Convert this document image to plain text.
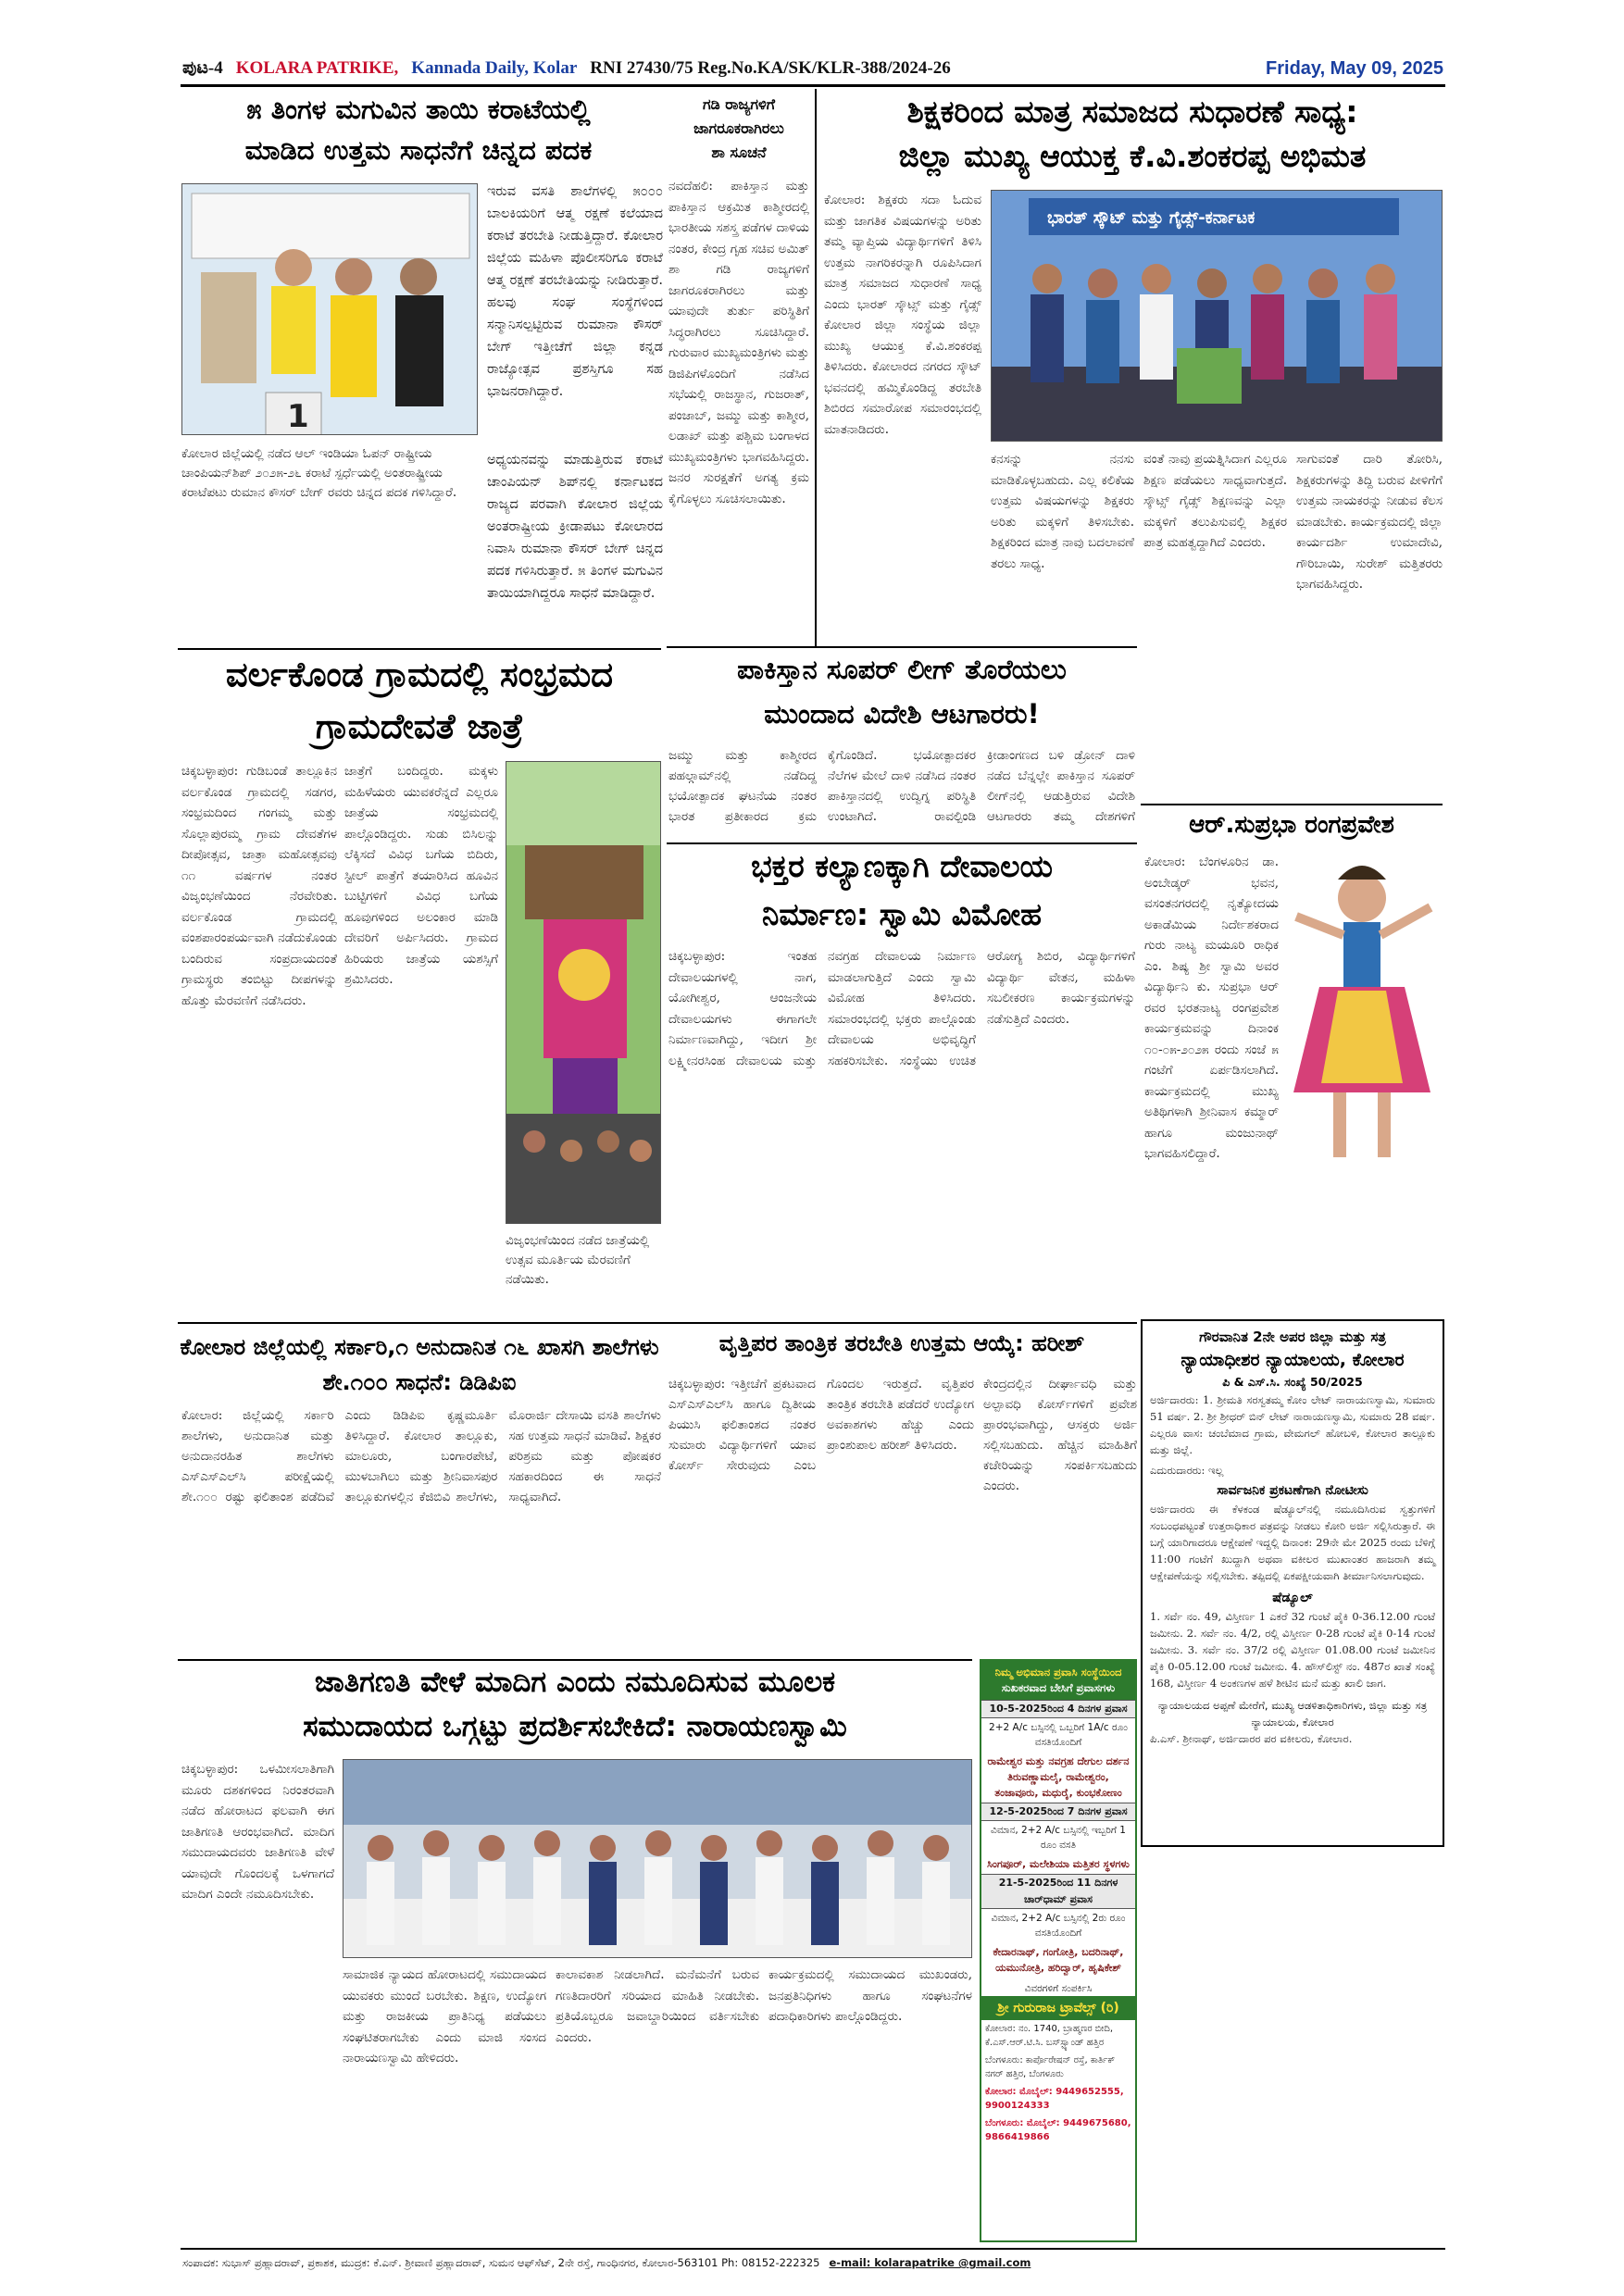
ಪುಟ-4 KOLARA PATRIKE, Kannada Daily, Kolar RNI 27430/75 Reg.No.KA/SK/KLR-388/2024-26	Friday, May 09, 2025
೫ ತಿಂಗಳ ಮಗುವಿನ ತಾಯಿ ಕರಾಟೆಯಲ್ಲಿ
ಮಾಡಿದ ಉತ್ತಮ ಸಾಧನೆಗೆ ಚಿನ್ನದ ಪದಕ
1
ಕೋಲಾರ ಜಿಲ್ಲೆಯಲ್ಲಿ ನಡೆದ ಆಲ್ ಇಂಡಿಯಾ ಓಪನ್ ರಾಷ್ಟ್ರೀಯ ಚಾಂಪಿಯನ್‌ಶಿಪ್ ೨೦೨೫-೨೬ ಕರಾಟೆ ಸ್ಪರ್ಧೆಯಲ್ಲಿ ಅಂತರಾಷ್ಟ್ರೀಯ ಕರಾಟೆಪಟು ರುಮಾನ ಕೌಸರ್ ಬೇಗ್ ರವರು ಚಿನ್ನದ ಪದಕ ಗಳಿಸಿದ್ದಾರೆ.
ಇರುವ ವಸತಿ ಶಾಲೆಗಳಲ್ಲಿ ೫೦೦೦ ಬಾಲಕಿಯರಿಗೆ ಆತ್ಮ ರಕ್ಷಣೆ ಕಲೆಯಾದ ಕರಾಟೆ ತರಬೇತಿ ನೀಡುತ್ತಿದ್ದಾರೆ. ಕೋಲಾರ ಜಿಲ್ಲೆಯ ಮಹಿಳಾ ಪೊಲೀಸರಿಗೂ ಕರಾಟೆ ಆತ್ಮ ರಕ್ಷಣೆ ತರಬೇತಿಯನ್ನು ನೀಡಿರುತ್ತಾರೆ. ಹಲವು ಸಂಘ ಸಂಸ್ಥೆಗಳಿಂದ ಸನ್ಮಾನಿಸಲ್ಪಟ್ಟಿರುವ ರುಮಾನಾ ಕೌಸರ್ ಬೇಗ್ ಇತ್ತೀಚೆಗೆ ಜಿಲ್ಲಾ ಕನ್ನಡ ರಾಜ್ಯೋತ್ಸವ ಪ್ರಶಸ್ತಿಗೂ ಸಹ ಭಾಜನರಾಗಿದ್ದಾರೆ.
ಅಧ್ಯಯನವನ್ನು ಮಾಡುತ್ತಿರುವ ಕರಾಟೆ ಚಾಂಪಿಯನ್ ಶಿಪ್‌ನಲ್ಲಿ ಕರ್ನಾಟಕದ ರಾಜ್ಯದ ಪರವಾಗಿ ಕೋಲಾರ ಜಿಲ್ಲೆಯ ಅಂತರಾಷ್ಟ್ರೀಯ ಕ್ರೀಡಾಪಟು ಕೋಲಾರದ ನಿವಾಸಿ ರುಮಾನಾ ಕೌಸರ್ ಬೇಗ್ ಚಿನ್ನದ ಪದಕ ಗಳಿಸಿರುತ್ತಾರೆ. ೫ ತಿಂಗಳ ಮಗುವಿನ ತಾಯಿಯಾಗಿದ್ದರೂ ಸಾಧನೆ ಮಾಡಿದ್ದಾರೆ.
ಗಡಿ ರಾಜ್ಯಗಳಿಗೆ
ಜಾಗರೂಕರಾಗಿರಲು
ಶಾ ಸೂಚನೆ
ನವದೆಹಲಿ: ಪಾಕಿಸ್ತಾನ ಮತ್ತು ಪಾಕಿಸ್ತಾನ ಆಕ್ರಮಿತ ಕಾಶ್ಮೀರದಲ್ಲಿ ಭಾರತೀಯ ಸಶಸ್ತ್ರ ಪಡೆಗಳ ದಾಳಿಯ ನಂತರ, ಕೇಂದ್ರ ಗೃಹ ಸಚಿವ ಅಮಿತ್ ಶಾ ಗಡಿ ರಾಜ್ಯಗಳಿಗೆ ಜಾಗರೂಕರಾಗಿರಲು ಮತ್ತು ಯಾವುದೇ ತುರ್ತು ಪರಿಸ್ಥಿತಿಗೆ ಸಿದ್ಧರಾಗಿರಲು ಸೂಚಿಸಿದ್ದಾರೆ. ಗುರುವಾರ ಮುಖ್ಯಮಂತ್ರಿಗಳು ಮತ್ತು ಡಿಜಿಪಿಗಳೊಂದಿಗೆ ನಡೆಸಿದ ಸಭೆಯಲ್ಲಿ ರಾಜಸ್ಥಾನ, ಗುಜರಾತ್, ಪಂಜಾಬ್, ಜಮ್ಮು ಮತ್ತು ಕಾಶ್ಮೀರ, ಲಡಾಖ್ ಮತ್ತು ಪಶ್ಚಿಮ ಬಂಗಾಳದ ಮುಖ್ಯಮಂತ್ರಿಗಳು ಭಾಗವಹಿಸಿದ್ದರು. ಜನರ ಸುರಕ್ಷತೆಗೆ ಅಗತ್ಯ ಕ್ರಮ ಕೈಗೊಳ್ಳಲು ಸೂಚಿಸಲಾಯಿತು.
ಶಿಕ್ಷಕರಿಂದ ಮಾತ್ರ ಸಮಾಜದ ಸುಧಾರಣೆ ಸಾಧ್ಯ:
ಜಿಲ್ಲಾ ಮುಖ್ಯ ಆಯುಕ್ತ ಕೆ.ವಿ.ಶಂಕರಪ್ಪ ಅಭಿಮತ
ಕೋಲಾರ: ಶಿಕ್ಷಕರು ಸದಾ ಓದುವ ಮತ್ತು ಜಾಗತಿಕ ವಿಷಯಗಳನ್ನು ಅರಿತು ತಮ್ಮ ವ್ಯಾಪ್ತಿಯ ವಿದ್ಯಾರ್ಥಿಗಳಿಗೆ ತಿಳಿಸಿ ಉತ್ತಮ ನಾಗರಿಕರನ್ನಾಗಿ ರೂಪಿಸಿದಾಗ ಮಾತ್ರ ಸಮಾಜದ ಸುಧಾರಣೆ ಸಾಧ್ಯ ಎಂದು ಭಾರತ್ ಸ್ಕೌಟ್ಸ್ ಮತ್ತು ಗೈಡ್ಸ್ ಕೋಲಾರ ಜಿಲ್ಲಾ ಸಂಸ್ಥೆಯ ಜಿಲ್ಲಾ ಮುಖ್ಯ ಆಯುಕ್ತ ಕೆ.ವಿ.ಶಂಕರಪ್ಪ ತಿಳಿಸಿದರು. ಕೋಲಾರದ ನಗರದ ಸ್ಕೌಟ್ ಭವನದಲ್ಲಿ ಹಮ್ಮಿಕೊಂಡಿದ್ದ ತರಬೇತಿ ಶಿಬಿರದ ಸಮಾರೋಪ ಸಮಾರಂಭದಲ್ಲಿ ಮಾತನಾಡಿದರು.
ಭಾರತ್ ಸ್ಕೌಟ್ ಮತ್ತು ಗೈಡ್ಸ್-ಕರ್ನಾಟಕ
ಕನಸನ್ನು ನನಸು ಮಾಡಿಕೊಳ್ಳಬಹುದು. ಎಲ್ಲ ಕಲಿಕೆಯ ಉತ್ತಮ ವಿಷಯಗಳನ್ನು ಶಿಕ್ಷಕರು ಅರಿತು ಮಕ್ಕಳಿಗೆ ತಿಳಿಸಬೇಕು. ಶಿಕ್ಷಕರಿಂದ ಮಾತ್ರ ನಾವು ಬದಲಾವಣೆ ತರಲು ಸಾಧ್ಯ.
ವಂತೆ ನಾವು ಪ್ರಯತ್ನಿಸಿದಾಗ ಎಲ್ಲರೂ ಶಿಕ್ಷಣ ಪಡೆಯಲು ಸಾಧ್ಯವಾಗುತ್ತದೆ. ಸ್ಕೌಟ್ಸ್ ಗೈಡ್ಸ್ ಶಿಕ್ಷಣವನ್ನು ಎಲ್ಲಾ ಮಕ್ಕಳಿಗೆ ತಲುಪಿಸುವಲ್ಲಿ ಶಿಕ್ಷಕರ ಪಾತ್ರ ಮಹತ್ವದ್ದಾಗಿದೆ ಎಂದರು.
ಸಾಗುವಂತೆ ದಾರಿ ತೋರಿಸಿ, ಶಿಕ್ಷಕರುಗಳನ್ನು ತಿದ್ದಿ ಬರುವ ಪೀಳಿಗೆಗೆ ಉತ್ತಮ ನಾಯಕರನ್ನು ನೀಡುವ ಕೆಲಸ ಮಾಡಬೇಕು. ಕಾರ್ಯಕ್ರಮದಲ್ಲಿ ಜಿಲ್ಲಾ ಕಾರ್ಯದರ್ಶಿ ಉಮಾದೇವಿ, ಗೌರಿಬಾಯಿ, ಸುರೇಶ್ ಮತ್ತಿತರರು ಭಾಗವಹಿಸಿದ್ದರು.
ಪಾಕಿಸ್ತಾನ ಸೂಪರ್ ಲೀಗ್ ತೊರೆಯಲು
ಮುಂದಾದ ವಿದೇಶಿ ಆಟಗಾರರು!
ಜಮ್ಮು ಮತ್ತು ಕಾಶ್ಮೀರದ ಪಹಲ್ಗಾಮ್‌ನಲ್ಲಿ ನಡೆದಿದ್ದ ಭಯೋತ್ಪಾದಕ ಘಟನೆಯ ನಂತರ ಭಾರತ ಪ್ರತೀಕಾರದ ಕ್ರಮ ಕೈಗೊಂಡಿದೆ. ಭಯೋತ್ಪಾದಕರ ನೆಲೆಗಳ ಮೇಲೆ ದಾಳಿ ನಡೆಸಿದ ನಂತರ ಪಾಕಿಸ್ತಾನದಲ್ಲಿ ಉದ್ವಿಗ್ನ ಪರಿಸ್ಥಿತಿ ಉಂಟಾಗಿದೆ. ರಾವಲ್ಪಿಂಡಿ ಕ್ರೀಡಾಂಗಣದ ಬಳಿ ಡ್ರೋನ್ ದಾಳಿ ನಡೆದ ಬೆನ್ನಲ್ಲೇ ಪಾಕಿಸ್ತಾನ ಸೂಪರ್ ಲೀಗ್‌ನಲ್ಲಿ ಆಡುತ್ತಿರುವ ವಿದೇಶಿ ಆಟಗಾರರು ತಮ್ಮ ದೇಶಗಳಿಗೆ
ವರ್ಲಕೊಂಡ ಗ್ರಾಮದಲ್ಲಿ ಸಂಭ್ರಮದ
ಗ್ರಾಮದೇವತೆ ಜಾತ್ರೆ
ಚಿಕ್ಕಬಳ್ಳಾಪುರ: ಗುಡಿಬಂಡೆ ತಾಲ್ಲೂಕಿನ ವರ್ಲಕೊಂಡ ಗ್ರಾಮದಲ್ಲಿ ಸಡಗರ, ಸಂಭ್ರಮದಿಂದ ಗಂಗಮ್ಮ ಮತ್ತು ಸೊಲ್ಲಾಪುರಮ್ಮ ಗ್ರಾಮ ದೇವತೆಗಳ ದೀಪೋತ್ಸವ, ಜಾತ್ರಾ ಮಹೋತ್ಸವವು ೧೧ ವರ್ಷಗಳ ನಂತರ ವಿಜೃಂಭಣೆಯಿಂದ ನೆರವೇರಿತು. ವರ್ಲಕೊಂಡ ಗ್ರಾಮದಲ್ಲಿ ವಂಶಪಾರಂಪರ್ಯವಾಗಿ ನಡೆದುಕೊಂಡು ಬಂದಿರುವ ಸಂಪ್ರದಾಯದಂತೆ ಗ್ರಾಮಸ್ಥರು ತಂಬಿಟ್ಟು ದೀಪಗಳನ್ನು ಹೊತ್ತು ಮೆರವಣಿಗೆ ನಡೆಸಿದರು.
ಜಾತ್ರೆಗೆ ಬಂದಿದ್ದರು. ಮಕ್ಕಳು ಮಹಿಳೆಯರು ಯುವಕರೆನ್ನದೆ ಎಲ್ಲರೂ ಜಾತ್ರೆಯ ಸಂಭ್ರಮದಲ್ಲಿ ಪಾಲ್ಗೊಂಡಿದ್ದರು. ಸುಡು ಬಿಸಿಲನ್ನು ಲೆಕ್ಕಿಸದೆ ವಿವಿಧ ಬಗೆಯ ಬಿದಿರು, ಸ್ಟೀಲ್ ಪಾತ್ರೆಗೆ ತಯಾರಿಸಿದ ಹೂವಿನ ಬುಟ್ಟಿಗಳಿಗೆ ವಿವಿಧ ಬಗೆಯ ಹೂವುಗಳಿಂದ ಅಲಂಕಾರ ಮಾಡಿ ದೇವರಿಗೆ ಅರ್ಪಿಸಿದರು. ಗ್ರಾಮದ ಹಿರಿಯರು ಜಾತ್ರೆಯ ಯಶಸ್ಸಿಗೆ ಶ್ರಮಿಸಿದರು.
ವಿಜೃಂಭಣೆಯಿಂದ ನಡೆದ ಜಾತ್ರೆಯಲ್ಲಿ ಉತ್ಸವ ಮೂರ್ತಿಯ ಮೆರವಣಿಗೆ ನಡೆಯಿತು.
ಭಕ್ತರ ಕಲ್ಯಾಣಕ್ಕಾಗಿ ದೇವಾಲಯ
ನಿರ್ಮಾಣ: ಸ್ವಾಮಿ ವಿಮೋಹ
ಚಿಕ್ಕಬಳ್ಳಾಪುರ: ಇಂತಹ ದೇವಾಲಯಗಳಲ್ಲಿ ನಾಗ, ಯೋಗೀಶ್ವರ, ಆಂಜನೇಯ ದೇವಾಲಯಗಳು ಈಗಾಗಲೇ ನಿರ್ಮಾಣವಾಗಿದ್ದು, ಇದೀಗ ಶ್ರೀ ಲಕ್ಷ್ಮೀನರಸಿಂಹ ದೇವಾಲಯ ಮತ್ತು ನವಗ್ರಹ ದೇವಾಲಯ ನಿರ್ಮಾಣ ಮಾಡಲಾಗುತ್ತಿದೆ ಎಂದು ಸ್ವಾಮಿ ವಿಮೋಹ ತಿಳಿಸಿದರು. ಸಮಾರಂಭದಲ್ಲಿ ಭಕ್ತರು ಪಾಲ್ಗೊಂಡು ದೇವಾಲಯ ಅಭಿವೃದ್ಧಿಗೆ ಸಹಕರಿಸಬೇಕು. ಸಂಸ್ಥೆಯು ಉಚಿತ ಆರೋಗ್ಯ ಶಿಬಿರ, ವಿದ್ಯಾರ್ಥಿಗಳಿಗೆ ವಿದ್ಯಾರ್ಥಿ ವೇತನ, ಮಹಿಳಾ ಸಬಲೀಕರಣ ಕಾರ್ಯಕ್ರಮಗಳನ್ನು ನಡೆಸುತ್ತಿದೆ ಎಂದರು.
ಆರ್.ಸುಪ್ರಭಾ ರಂಗಪ್ರವೇಶ
ಕೋಲಾರ: ಬೆಂಗಳೂರಿನ ಡಾ. ಅಂಬೇಡ್ಕರ್ ಭವನ, ವಸಂತನಗರದಲ್ಲಿ ನೃತ್ಯೋದಯ ಅಕಾಡೆಮಿಯ ನಿರ್ದೇಶಕರಾದ ಗುರು ನಾಟ್ಯ ಮಯೂರಿ ರಾಧಿಕ ಎಂ. ಶಿಷ್ಯ ಶ್ರೀ ಸ್ವಾಮಿ ಅವರ ವಿದ್ಯಾರ್ಥಿನಿ ಕು. ಸುಪ್ರಭಾ ಆರ್ ರವರ ಭರತನಾಟ್ಯ ರಂಗಪ್ರವೇಶ ಕಾರ್ಯಕ್ರಮವನ್ನು ದಿನಾಂಕ ೧೦-೦೫-೨೦೨೫ ರಂದು ಸಂಜೆ ೫ ಗಂಟೆಗೆ ಏರ್ಪಡಿಸಲಾಗಿದೆ. ಕಾರ್ಯಕ್ರಮದಲ್ಲಿ ಮುಖ್ಯ ಅತಿಥಿಗಳಾಗಿ ಶ್ರೀನಿವಾಸ ಕಮ್ಮಾರ್ ಹಾಗೂ ಮಂಜುನಾಥ್ ಭಾಗವಹಿಸಲಿದ್ದಾರೆ.
ಕೋಲಾರ ಜಿಲ್ಲೆಯಲ್ಲಿ ಸರ್ಕಾರಿ,೧ ಅನುದಾನಿತ ೧೬ ಖಾಸಗಿ ಶಾಲೆಗಳು ಶೇ.೧೦೦ ಸಾಧನೆ: ಡಿಡಿಪಿಐ
ಕೋಲಾರ: ಜಿಲ್ಲೆಯಲ್ಲಿ ಸರ್ಕಾರಿ ಶಾಲೆಗಳು, ಅನುದಾನಿತ ಮತ್ತು ಅನುದಾನರಹಿತ ಶಾಲೆಗಳು ಎಸ್‌ಎಸ್‌ಎಲ್‌ಸಿ ಪರೀಕ್ಷೆಯಲ್ಲಿ ಶೇ.೧೦೦ ರಷ್ಟು ಫಲಿತಾಂಶ ಪಡೆದಿವೆ ಎಂದು ಡಿಡಿಪಿಐ ಕೃಷ್ಣಮೂರ್ತಿ ತಿಳಿಸಿದ್ದಾರೆ. ಕೋಲಾರ ತಾಲ್ಲೂಕು, ಮಾಲೂರು, ಬಂಗಾರಪೇಟೆ, ಮುಳಬಾಗಿಲು ಮತ್ತು ಶ್ರೀನಿವಾಸಪುರ ತಾಲ್ಲೂಕುಗಳಲ್ಲಿನ ಕೆಜಿಬಿವಿ ಶಾಲೆಗಳು, ಮೊರಾರ್ಜಿ ದೇಸಾಯಿ ವಸತಿ ಶಾಲೆಗಳು ಸಹ ಉತ್ತಮ ಸಾಧನೆ ಮಾಡಿವೆ. ಶಿಕ್ಷಕರ ಪರಿಶ್ರಮ ಮತ್ತು ಪೋಷಕರ ಸಹಕಾರದಿಂದ ಈ ಸಾಧನೆ ಸಾಧ್ಯವಾಗಿದೆ.
ವೃತ್ತಿಪರ ತಾಂತ್ರಿಕ ತರಬೇತಿ ಉತ್ತಮ ಆಯ್ಕೆ: ಹರೀಶ್
ಚಿಕ್ಕಬಳ್ಳಾಪುರ: ಇತ್ತೀಚೆಗೆ ಪ್ರಕಟವಾದ ಎಸ್‌ಎಸ್‌ಎಲ್‌ಸಿ ಹಾಗೂ ದ್ವಿತೀಯ ಪಿಯುಸಿ ಫಲಿತಾಂಶದ ನಂತರ ಸುಮಾರು ವಿದ್ಯಾರ್ಥಿಗಳಿಗೆ ಯಾವ ಕೋರ್ಸ್ ಸೇರುವುದು ಎಂಬ ಗೊಂದಲ ಇರುತ್ತದೆ. ವೃತ್ತಿಪರ ತಾಂತ್ರಿಕ ತರಬೇತಿ ಪಡೆದರೆ ಉದ್ಯೋಗ ಅವಕಾಶಗಳು ಹೆಚ್ಚು ಎಂದು ಪ್ರಾಂಶುಪಾಲ ಹರೀಶ್ ತಿಳಿಸಿದರು.
ಕೇಂದ್ರದಲ್ಲಿನ ದೀರ್ಘಾವಧಿ ಮತ್ತು ಅಲ್ಪಾವಧಿ ಕೋರ್ಸ್‌ಗಳಿಗೆ ಪ್ರವೇಶ ಪ್ರಾರಂಭವಾಗಿದ್ದು, ಆಸಕ್ತರು ಅರ್ಜಿ ಸಲ್ಲಿಸಬಹುದು. ಹೆಚ್ಚಿನ ಮಾಹಿತಿಗೆ ಕಚೇರಿಯನ್ನು ಸಂಪರ್ಕಿಸಬಹುದು ಎಂದರು.
ಗೌರವಾನಿತ 2ನೇ ಅಪರ ಜಿಲ್ಲಾ ಮತ್ತು ಸತ್ರ
ನ್ಯಾಯಾಧೀಶರ ನ್ಯಾಯಾಲಯ, ಕೋಲಾರ
ಪಿ & ಎಸ್.ಸಿ. ಸಂಖ್ಯೆ 50/2025
ಅರ್ಜಿದಾರರು: 1. ಶ್ರೀಮತಿ ಸರಸ್ವತಮ್ಮ ಕೋಂ ಲೇಟ್ ನಾರಾಯಣಸ್ವಾಮಿ, ಸುಮಾರು 51 ವರ್ಷ. 2. ಶ್ರೀ ಶ್ರೀಧರ್ ಬಿನ್ ಲೇಟ್ ನಾರಾಯಣಸ್ವಾಮಿ, ಸುಮಾರು 28 ವರ್ಷ. ಎಲ್ಲರೂ ವಾಸ: ಚಂಬೆಮಾದ ಗ್ರಾಮ, ವೇಮಗಲ್ ಹೋಬಳಿ, ಕೋಲಾರ ತಾಲ್ಲೂಕು ಮತ್ತು ಜಿಲ್ಲೆ.
ಎದುರುದಾರರು: ಇಲ್ಲ
ಸಾರ್ವಜನಿಕ ಪ್ರಕಟಣೆಗಾಗಿ ನೋಟೀಸು
ಅರ್ಜಿದಾರರು ಈ ಕೆಳಕಂಡ ಷೆಡ್ಯೂಲ್‌ನಲ್ಲಿ ನಮೂದಿಸಿರುವ ಸ್ವತ್ತುಗಳಿಗೆ ಸಂಬಂಧಪಟ್ಟಂತೆ ಉತ್ತರಾಧಿಕಾರ ಪತ್ರವನ್ನು ನೀಡಲು ಕೋರಿ ಅರ್ಜಿ ಸಲ್ಲಿಸಿರುತ್ತಾರೆ. ಈ ಬಗ್ಗೆ ಯಾರಿಗಾದರೂ ಆಕ್ಷೇಪಣೆ ಇದ್ದಲ್ಲಿ ದಿನಾಂಕ: 29ನೇ ಮೇ 2025 ರಂದು ಬೆಳಿಗ್ಗೆ 11:00 ಗಂಟೆಗೆ ಖುದ್ದಾಗಿ ಅಥವಾ ವಕೀಲರ ಮುಖಾಂತರ ಹಾಜರಾಗಿ ತಮ್ಮ ಆಕ್ಷೇಪಣೆಯನ್ನು ಸಲ್ಲಿಸಬೇಕು. ತಪ್ಪಿದಲ್ಲಿ ಏಕಪಕ್ಷೀಯವಾಗಿ ತೀರ್ಮಾನಿಸಲಾಗುವುದು.
ಷೆಡ್ಯೂಲ್
1. ಸರ್ವೆ ನಂ. 49, ವಿಸ್ತೀರ್ಣ 1 ಎಕರೆ 32 ಗುಂಟೆ ಪೈಕಿ 0-36.12.00 ಗುಂಟೆ ಜಮೀನು. 2. ಸರ್ವೆ ನಂ. 4/2, ರಲ್ಲಿ ವಿಸ್ತೀರ್ಣ 0-28 ಗುಂಟೆ ಪೈಕಿ 0-14 ಗುಂಟೆ ಜಮೀನು. 3. ಸರ್ವೆ ನಂ. 37/2 ರಲ್ಲಿ ವಿಸ್ತೀರ್ಣ 01.08.00 ಗುಂಟೆ ಜಮೀನಿನ ಪೈಕಿ 0-05.12.00 ಗುಂಟೆ ಜಮೀನು. 4. ಹೌಸ್‌ಲಿಸ್ಟ್ ನಂ. 487ರ ಖಾತೆ ಸಂಖ್ಯೆ 168, ವಿಸ್ತೀರ್ಣ 4 ಅಂಕಣಗಳ ಹಳೆ ಶೀಟಿನ ಮನೆ ಮತ್ತು ಖಾಲಿ ಜಾಗ.
ನ್ಯಾಯಾಲಯದ ಅಪ್ಪಣೆ ಮೇರೆಗೆ, ಮುಖ್ಯ ಆಡಳಿತಾಧಿಕಾರಿಗಳು, ಜಿಲ್ಲಾ ಮತ್ತು ಸತ್ರ ನ್ಯಾಯಾಲಯ, ಕೋಲಾರ
ಪಿ.ಎಸ್. ಶ್ರೀನಾಥ್, ಅರ್ಜಿದಾರರ ಪರ ವಕೀಲರು, ಕೋಲಾರ.
ಜಾತಿಗಣತಿ ವೇಳೆ ಮಾದಿಗ ಎಂದು ನಮೂದಿಸುವ ಮೂಲಕ
ಸಮುದಾಯದ ಒಗ್ಗಟ್ಟು ಪ್ರದರ್ಶಿಸಬೇಕಿದೆ: ನಾರಾಯಣಸ್ವಾಮಿ
ಚಿಕ್ಕಬಳ್ಳಾಪುರ: ಒಳಮೀಸಲಾತಿಗಾಗಿ ಮೂರು ದಶಕಗಳಿಂದ ನಿರಂತರವಾಗಿ ನಡೆದ ಹೋರಾಟದ ಫಲವಾಗಿ ಈಗ ಜಾತಿಗಣತಿ ಆರಂಭವಾಗಿದೆ. ಮಾದಿಗ ಸಮುದಾಯದವರು ಜಾತಿಗಣತಿ ವೇಳೆ ಯಾವುದೇ ಗೊಂದಲಕ್ಕೆ ಒಳಗಾಗದೆ ಮಾದಿಗ ಎಂದೇ ನಮೂದಿಸಬೇಕು.
ಸಾಮಾಜಿಕ ನ್ಯಾಯದ ಹೋರಾಟದಲ್ಲಿ ಸಮುದಾಯದ ಯುವಕರು ಮುಂದೆ ಬರಬೇಕು. ಶಿಕ್ಷಣ, ಉದ್ಯೋಗ ಮತ್ತು ರಾಜಕೀಯ ಪ್ರಾತಿನಿಧ್ಯ ಪಡೆಯಲು ಸಂಘಟಿತರಾಗಬೇಕು ಎಂದು ಮಾಜಿ ಸಂಸದ ನಾರಾಯಣಸ್ವಾಮಿ ಹೇಳಿದರು.
ಕಾಲಾವಕಾಶ ನೀಡಲಾಗಿದೆ. ಮನೆಮನೆಗೆ ಬರುವ ಗಣತಿದಾರರಿಗೆ ಸರಿಯಾದ ಮಾಹಿತಿ ನೀಡಬೇಕು. ಪ್ರತಿಯೊಬ್ಬರೂ ಜವಾಬ್ದಾರಿಯಿಂದ ವರ್ತಿಸಬೇಕು ಎಂದರು.
ಕಾರ್ಯಕ್ರಮದಲ್ಲಿ ಸಮುದಾಯದ ಮುಖಂಡರು, ಜನಪ್ರತಿನಿಧಿಗಳು ಹಾಗೂ ಸಂಘಟನೆಗಳ ಪದಾಧಿಕಾರಿಗಳು ಪಾಲ್ಗೊಂಡಿದ್ದರು.
ನಿಮ್ಮ ಅಭಿಮಾನ ಪ್ರವಾಸಿ ಸಂಸ್ಥೆಯಿಂದ
ಸುಖಕರವಾದ ಬೇಸಿಗೆ ಪ್ರವಾಸಗಳು
10-5-2025ರಿಂದ 4 ದಿನಗಳ ಪ್ರವಾಸ
2+2 A/c ಬಸ್ಸಿನಲ್ಲಿ ಒಬ್ಬರಿಗೆ 1A/c ರೂಂ ವಸತಿಯೊಂದಿಗೆ
ರಾಮೇಶ್ವರ ಮತ್ತು ನವಗ್ರಹ ದೇಗುಲ ದರ್ಶನ ತಿರುವಣ್ಣಾಮಲೈ, ರಾಮೇಶ್ವರಂ, ತಂಜಾವೂರು, ಮಧುರೈ, ಕುಂಭಕೋಣಂ
12-5-2025ರಿಂದ 7 ದಿನಗಳ ಪ್ರವಾಸ
ವಿಮಾನ, 2+2 A/c ಬಸ್ಸಿನಲ್ಲಿ ಇಬ್ಬರಿಗೆ 1 ರೂಂ ವಸತಿ
ಸಿಂಗಪೂರ್, ಮಲೇಶಿಯಾ ಮತ್ತಿತರ ಸ್ಥಳಗಳು
21-5-2025ರಿಂದ 11 ದಿನಗಳ ಚಾರ್‌ಧಾಮ್ ಪ್ರವಾಸ
ವಿಮಾನ, 2+2 A/c ಬಸ್ಸಿನಲ್ಲಿ 2ರು ರೂಂ ವಸತಿಯೊಂದಿಗೆ
ಕೇದಾರನಾಥ್, ಗಂಗೋತ್ರಿ, ಬದರಿನಾಥ್, ಯಮುನೋತ್ರಿ, ಹರಿದ್ವಾರ್, ಹೃಷಿಕೇಶ್
ವಿವರಗಳಿಗೆ ಸಂಪರ್ಕಿಸಿ
ಶ್ರೀ ಗುರುರಾಜ ಟ್ರಾವೆಲ್ಸ್ (ರಿ)
ಕೋಲಾರ: ನಂ. 1740, ಬ್ರಾಹ್ಮಣರ ಬೀದಿ, ಕೆ.ಎಸ್.ಆರ್.ಟಿ.ಸಿ. ಬಸ್‌ಸ್ಟ್ಯಾಂಡ್ ಹತ್ತಿರ
ಬೆಂಗಳೂರು: ಕಾರ್ಪೊರೇಷನ್ ರಸ್ತೆ, ಕಾರ್ತಿಕ್ ನಗರ್ ಹತ್ತಿರ, ಬೆಂಗಳೂರು
ಕೋಲಾರ: ಮೊಬೈಲ್: 9449652555, 9900124333
ಬೆಂಗಳೂರು: ಮೊಬೈಲ್: 9449675680, 9866419866
ಸಂಪಾದಕ: ಸುಭಾಸ್ ಪ್ರಹ್ಲಾದರಾವ್, ಪ್ರಕಾಶಕ, ಮುದ್ರಕ: ಕೆ.ಎನ್. ಶ್ರೀವಾಣಿ ಪ್ರಹ್ಲಾದರಾವ್, ಸುಮನ ಆಫ್‌ಸೆಟ್, 2ನೇ ರಸ್ತೆ, ಗಾಂಧಿನಗರ, ಕೋಲಾರ-563101 Ph: 08152-222325 e-mail: kolarapatrike @gmail.com
